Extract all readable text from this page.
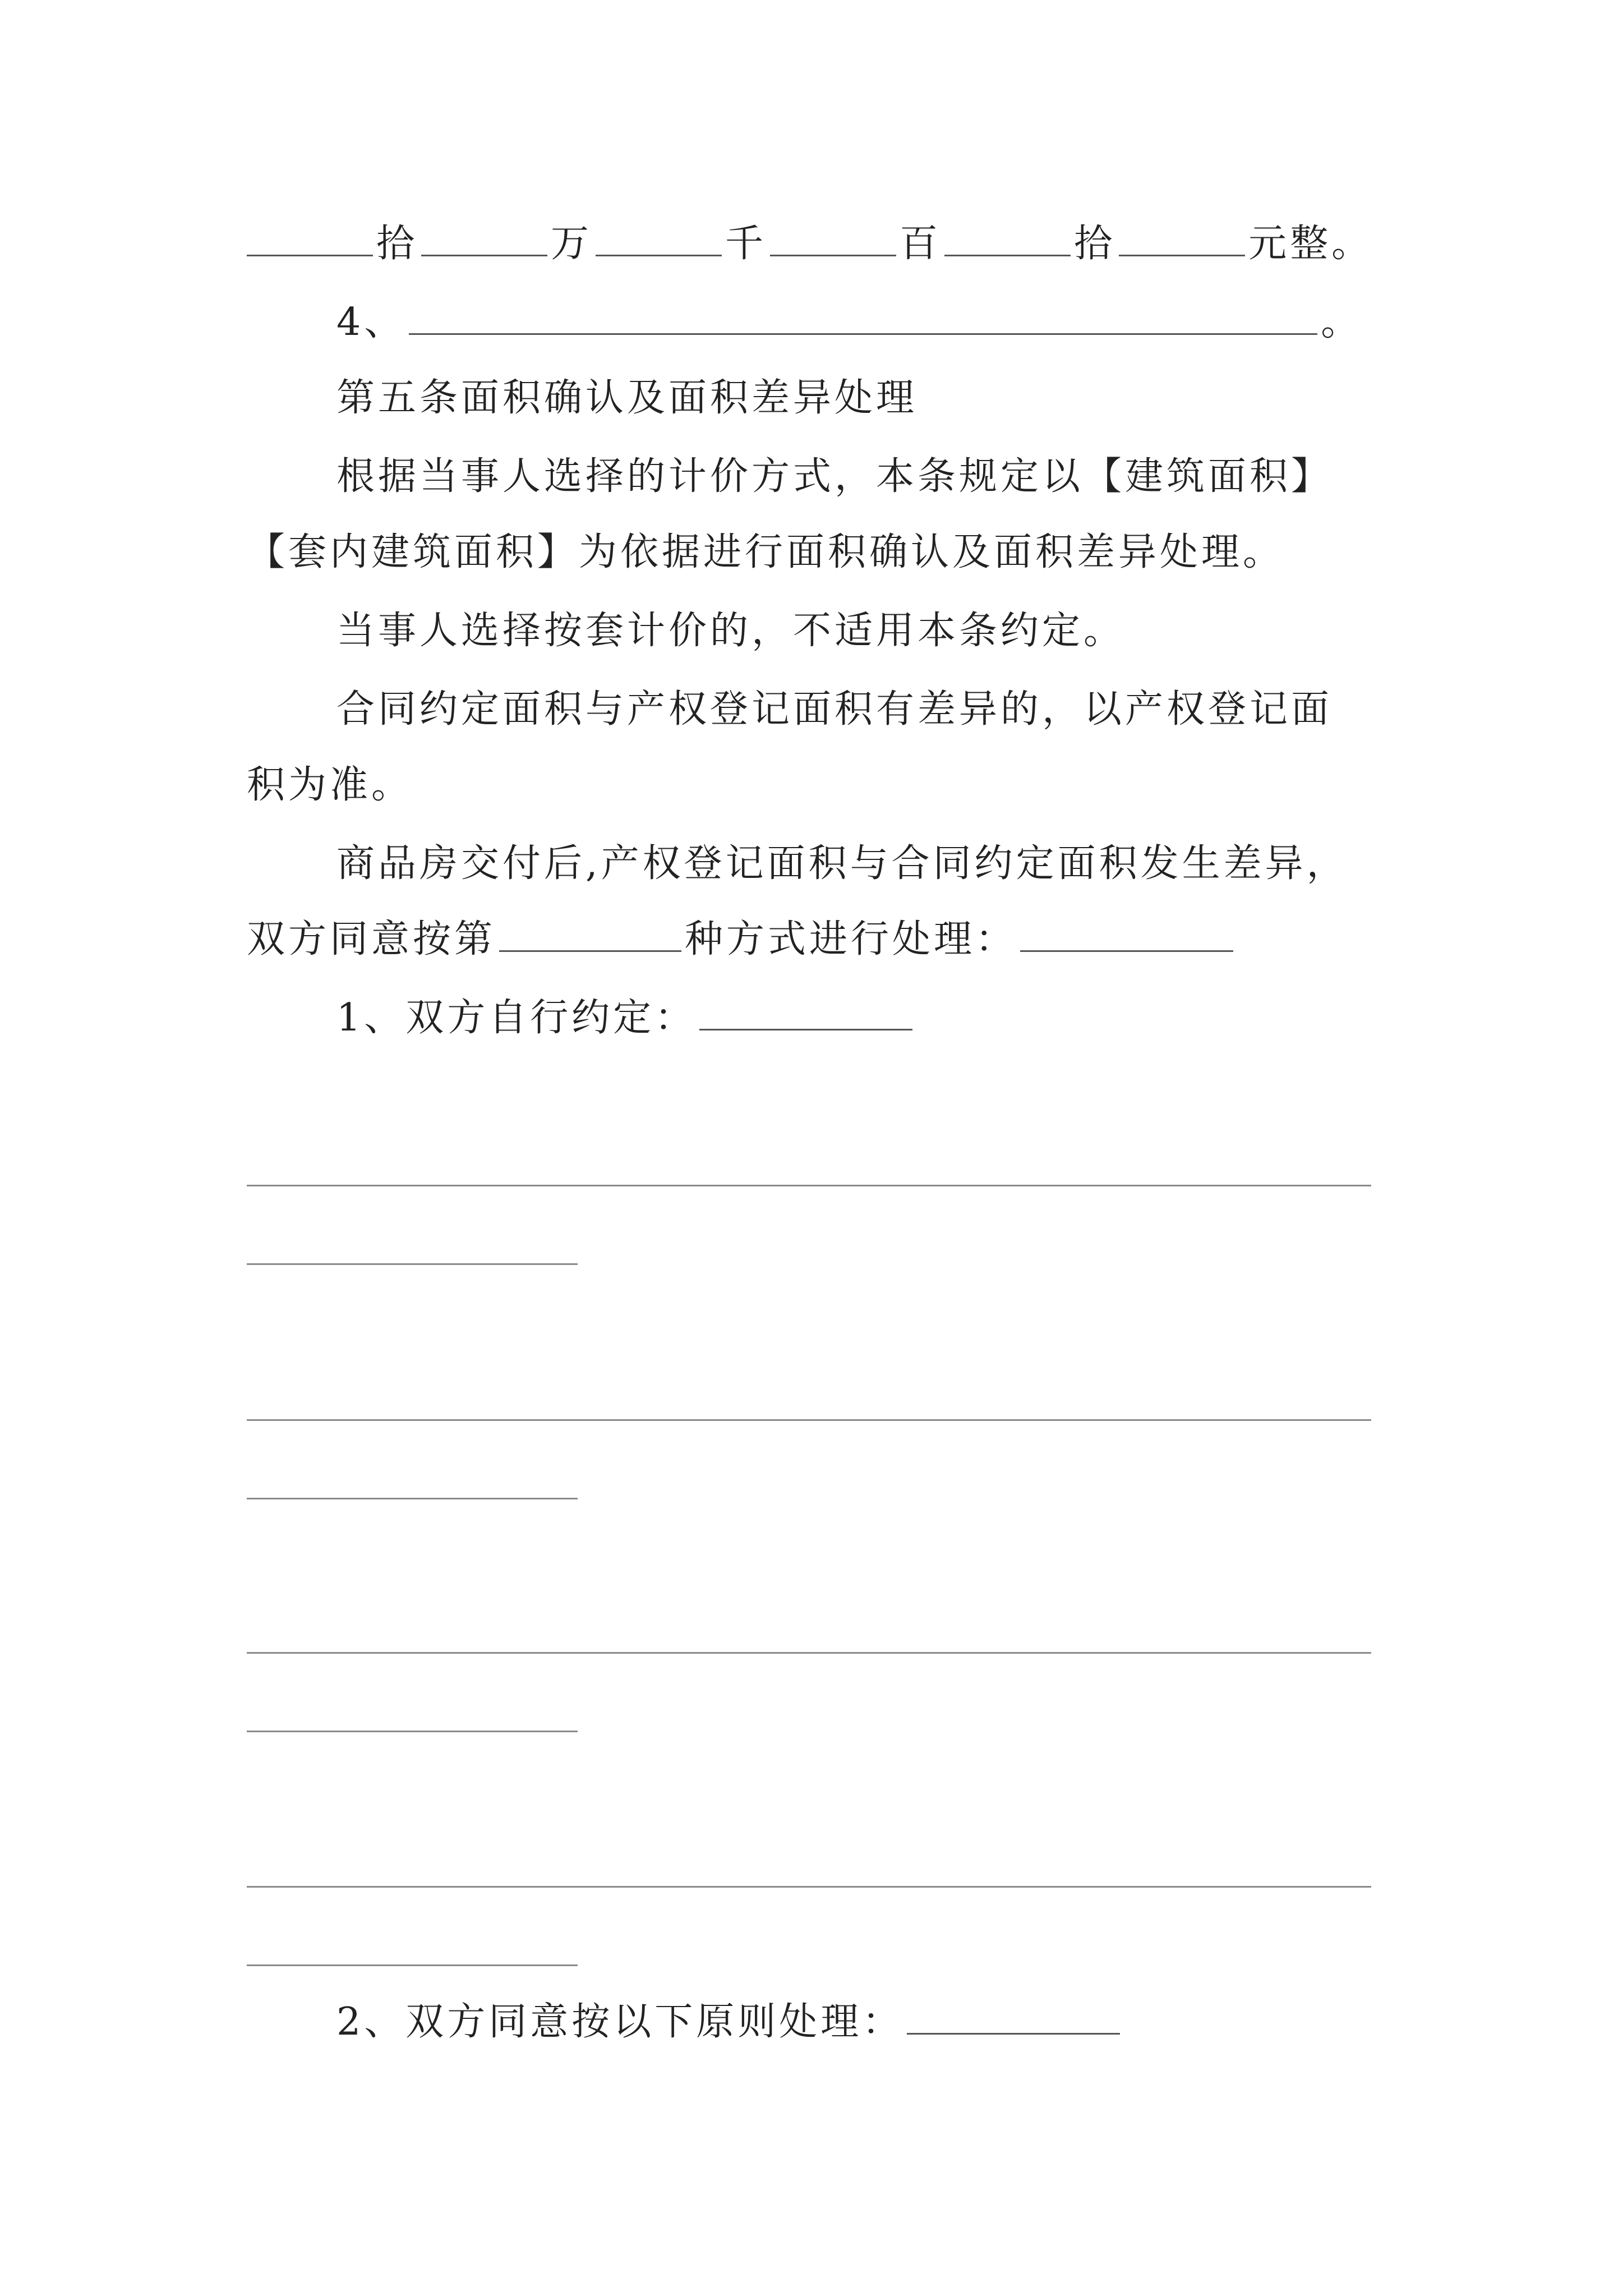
拾	万	千	百	拾	元整。
4、	。
第五条面积确认及面积差异处理
根据当事人选择的计价方式，本条规定以【建筑面积】
【套内建筑面积】为依据进行面积确认及面积差异处理。
当事人选择按套计价的，不适用本条约定。
合同约定面积与产权登记面积有差异的，以产权登记面
积为准。
商品房交付后,产权登记面积与合同约定面积发生差异，
双方同意按第	种方式进行处理：
1、双方自行约定：
2、双方同意按以下原则处理：
